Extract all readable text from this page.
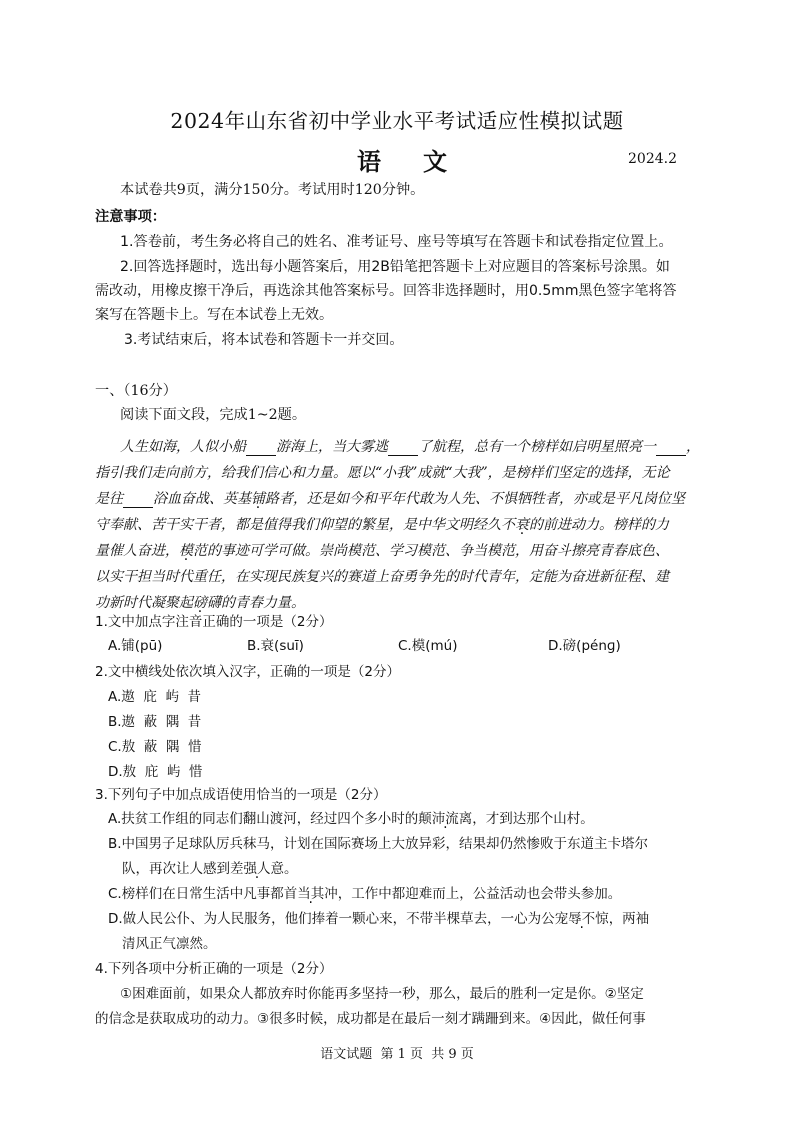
2024年山东省初中学业水平考试适应性模拟试题
语文	2024.2
本试卷共9页，满分150分。考试用时120分钟。
注意事项：
1.答卷前，考生务必将自己的姓名、准考证号、座号等填写在答题卡和试卷指定位置上。
2.回答选择题时，选出每小题答案后，用2B铅笔把答题卡上对应题目的答案标号涂黑。如
需改动，用橡皮擦干净后，再选涂其他答案标号。回答非选择题时，用0.5mm黑色签字笔将答
案写在答题卡上。写在本试卷上无效。
3.考试结束后，将本试卷和答题卡一并交回。
一、（16分）
阅读下面文段，完成1~2题。
人生如海，人似小船 游海上，当大雾逃 了航程，总有一个榜样如启明星照亮一 ，
指引我们走向前方，给我们信心和力量。愿以“小我”成就“大我”，是榜样们坚定的选择，无论
是往 浴血奋战、英基铺路者，还是如今和平年代敢为人先、不惧牺牲者，亦或是平凡岗位坚
守奉献、苦干实干者，都是值得我们仰望的繁星，是中华文明经久不衰的前进动力。榜样的力
量催人奋进，模范的事迹可学可做。崇尚模范、学习模范、争当模范，用奋斗擦亮青春底色、
以实干担当时代重任，在实现民族复兴的赛道上奋勇争先的时代青年，定能为奋进新征程、建
功新时代凝聚起磅礴的青春力量。
1.文中加点字注音正确的一项是（2分）
A.铺(pū)	B.衰(suī)	C.模(mú)	D.磅(pénɡ)
2.文中横线处依次填入汉字，正确的一项是（2分）
A.遨  庇  屿  昔
B.遨  蔽  隅  昔
C.敖  蔽  隅  惜
D.敖  庇  屿  惜
3.下列句子中加点成语使用恰当的一项是（2分）
A.扶贫工作组的同志们翻山渡河，经过四个多小时的颠沛流离，才到达那个山村。
B.中国男子足球队厉兵秣马，计划在国际赛场上大放异彩，结果却仍然惨败于东道主卡塔尔
队，再次让人感到差强人意。
C.榜样们在日常生活中凡事都首当其冲，工作中都迎难而上，公益活动也会带头参加。
D.做人民公仆、为人民服务，他们捧着一颗心来，不带半棵草去，一心为公宠辱不惊，两袖
清风正气凛然。
4.下列各项中分析正确的一项是（2分）
①困难面前，如果众人都放弃时你能再多坚持一秒，那么，最后的胜利一定是你。②坚定
的信念是获取成功的动力。③很多时候，成功都是在最后一刻才蹒跚到来。④因此，做任何事
语文试题  第 1 页  共 9 页
